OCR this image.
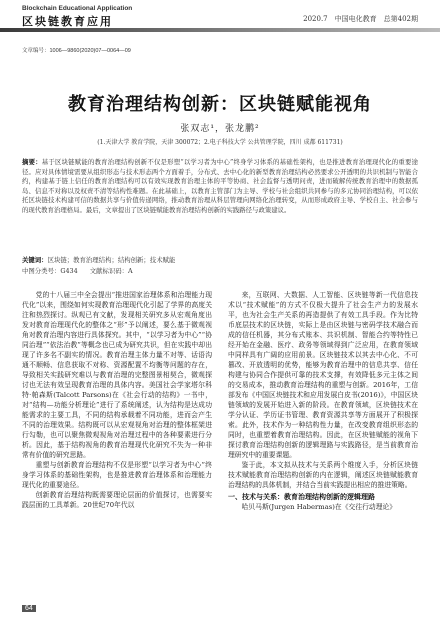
Blockchain Educational Application
区块链教育应用	2020.7　中国电化教育　总第402期
文章编号：1006—9860(2020)07—0064—09
教育治理结构创新：区块链赋能视角
张双志¹，张龙鹏²
(1.天津大学 教育学院，天津 300072；2.电子科技大学 公共管理学院，四川 成都 611731)
摘要：基于区块链赋能的教育治理结构创新不仅是形塑“以学习者为中心”终身学习体系的基础性架构，也是推进教育治理现代化的重要途径。应对具体情境需要从组织形态与技术形态两个方面着手，分布式、去中心化的新型教育治理结构必然要求公开透明的共识机制与智能合约，构建基于链上信任的教育治理结构可以有效实现教育治理主体的平等协商、社会监督与透明问责，进而破解传统教育治理中的数据孤岛、信息不对称以及权责不清等结构性难题。在此基础上，以教育主管部门为主导、学校与社会组织共同参与的多元协同治理结构，可以依托区块链技术构建可信的数据共享与价值传递网络，推动教育治理从科层管理向网络化治理转变，从而形成政府主导、学校自主、社会参与的现代教育治理格局。最后，文章提出了区块链赋能教育治理结构创新的实践路径与政策建议。
关键词：区块链；教育治理结构；结构创新；技术赋能
中图分类号：G434 文献标识码：A

党的十八届三中全会提出“推进国家治理体系和治理能力现代化”以来，围绕如何实现教育治理现代化引起了学界的高度关注和热烈探讨。纵观已有文献，发现相关研究多从宏观角度出发对教育治理现代化的整体之“形”予以阐述，要么基于微观视角对教育治理内容进行具体探究。其中，“以学习者为中心”“协同治理”“依法治教”等概念也已成为研究共识，但在实践中却出现了许多名不副实的情况。教育治理主体力量不对等、话语沟通不顺畅、信息获取不对称、资源配置不均衡等问题的存在，导致相关实践研究难以与教育治理的完整图景相契合，微观探讨也无法有效呈现教育治理的具体内容。美国社会学家塔尔科特·帕森斯(Talcott Parsons)在《社会行动的结构》一书中，对“结构—功能分析理论”进行了系统阐述，认为结构是达成功能需求的主要工具，不同的结构承载着不同功能，进而会产生不同的治理效果。结构既可以从宏观视角对治理的整体框架进行勾勒，也可以聚焦微观视角对治理过程中的各种要素进行分析。因此，基于结构视角的教育治理现代化研究不失为一种非常有价值的研究思路。

重塑与创新教育治理结构不仅是形塑“以学习者为中心”终身学习体系的基础性架构，也是推进教育治理体系和治理能力现代化的重要途径。

创新教育治理结构既需要理论层面的价值探讨，也需要实践层面的工具革新。20世纪70年代以

来，互联网、大数据、人工智能、区块链等新一代信息技术以“技术赋能”的方式不仅极大提升了社会生产力的发展水平，也为社会生产关系的再造提供了有效工具手段。作为比特币底层技术的区块链，实际上是由区块链与密码学技术融合而成的信任机器，其分布式账本、共识机制、智能合约等特性已经开始在金融、医疗、政务等领域得到广泛应用，在教育领域中同样具有广阔的应用前景。区块链技术以其去中心化、不可篡改、开放透明的优势，能够为教育治理中的信息共享、信任构建与协同合作提供可靠的技术支撑，有效降低多元主体之间的交易成本，推动教育治理结构的重塑与创新。2016年，工信部发布《中国区块链技术和应用发展白皮书(2016)》，中国区块链领域的发展开始进入新的阶段。在教育领域，区块链技术在学分认证、学历证书管理、教育资源共享等方面展开了积极探索。此外，技术作为一种结构性力量，在改变教育组织形态的同时，也重塑着教育治理结构。因此，在区块链赋能的视角下探讨教育治理结构创新的逻辑理路与实践路径，是当前教育治理研究中的重要课题。

鉴于此，本文拟从技术与关系两个维度入手，分析区块链技术赋能教育治理结构创新的内在逻辑，阐述区块链赋能教育治理结构的具体机制，并结合当前实践提出相应的推进策略。

一、技术与关系：教育治理结构创新的逻辑理路

哈贝马斯(Jurgen Habermas)在《交往行动理论》

64
